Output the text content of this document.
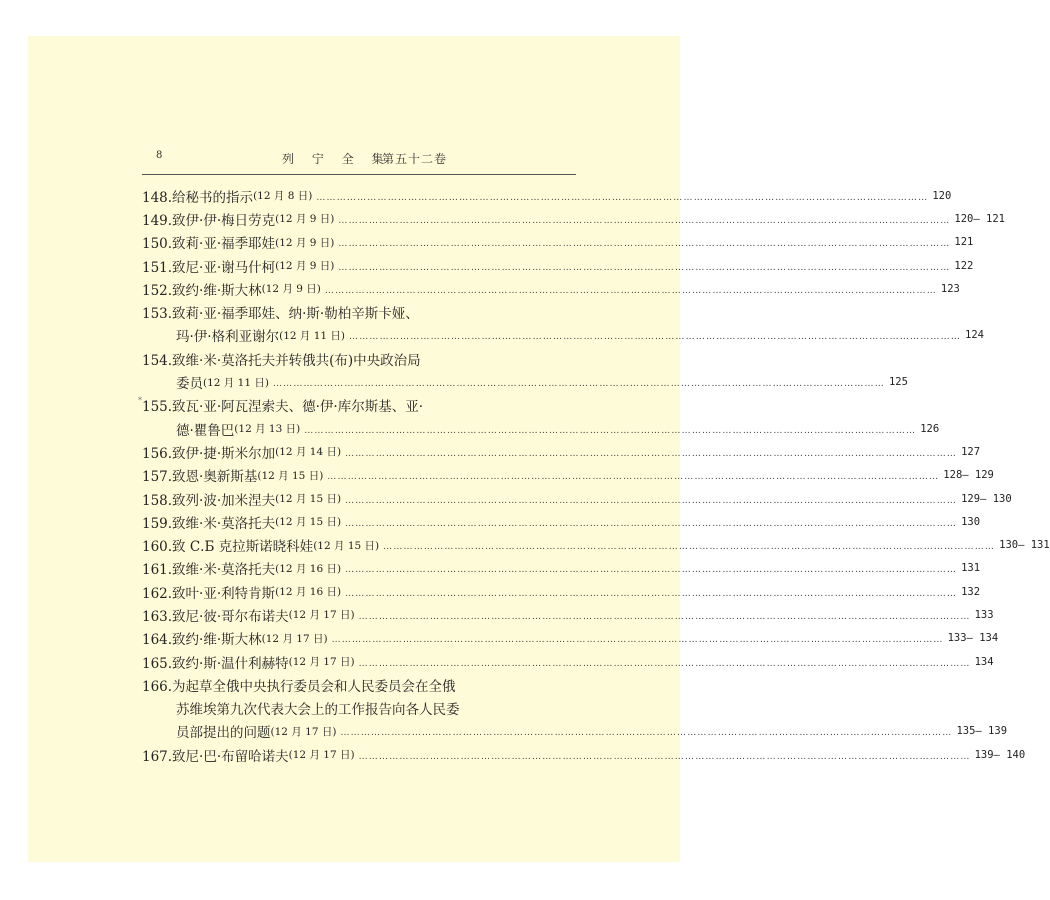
8	列 宁 全 集
第五十二卷
148.给秘书的指示 (12 月 8 日) ……………………………………………………………………………………………………………………………………………………………… 120
149.致伊·伊·梅日劳克 (12 月 9 日) ……………………………………………………………………………………………………………………………………………………………… 120— 121
150.致莉·亚·福季耶娃 (12 月 9 日) ……………………………………………………………………………………………………………………………………………………………… 121
151.致尼·亚·谢马什柯 (12 月 9 日) ……………………………………………………………………………………………………………………………………………………………… 122
152.致约·维·斯大林 (12 月 9 日) ……………………………………………………………………………………………………………………………………………………………… 123
153.致莉·亚·福季耶娃、纳·斯·勒柏辛斯卡娅、
玛·伊·格利亚谢尔 (12 月 11 日) ……………………………………………………………………………………………………………………………………………………………… 124
154.致维·米·莫洛托夫并转俄共(布)中央政治局
委员 (12 月 11 日) ……………………………………………………………………………………………………………………………………………………………… 125
* 155.致瓦·亚·阿瓦涅索夫、德·伊·库尔斯基、亚·
德·瞿鲁巴 (12 月 13 日) ……………………………………………………………………………………………………………………………………………………………… 126
156.致伊·捷·斯米尔加 (12 月 14 日) ……………………………………………………………………………………………………………………………………………………………… 127
157.致恩·奥新斯基 (12 月 15 日) ……………………………………………………………………………………………………………………………………………………………… 128— 129
158.致列·波·加米涅夫 (12 月 15 日) ……………………………………………………………………………………………………………………………………………………………… 129— 130
159.致维·米·莫洛托夫 (12 月 15 日) ……………………………………………………………………………………………………………………………………………………………… 130
160.致 С.Б 克拉斯诺晓科娃 (12 月 15 日) ……………………………………………………………………………………………………………………………………………………………… 130— 131
161.致维·米·莫洛托夫 (12 月 16 日) ……………………………………………………………………………………………………………………………………………………………… 131
162.致叶·亚·利特肯斯 (12 月 16 日) ……………………………………………………………………………………………………………………………………………………………… 132
163.致尼·彼·哥尔布诺夫 (12 月 17 日) ……………………………………………………………………………………………………………………………………………………………… 133
164.致约·维·斯大林 (12 月 17 日) ……………………………………………………………………………………………………………………………………………………………… 133— 134
165.致约·斯·温什利赫特 (12 月 17 日) ……………………………………………………………………………………………………………………………………………………………… 134
166.为起草全俄中央执行委员会和人民委员会在全俄
苏维埃第九次代表大会上的工作报告向各人民委
员部提出的问题 (12 月 17 日) ……………………………………………………………………………………………………………………………………………………………… 135— 139
167.致尼·巴·布留哈诺夫 (12 月 17 日) ……………………………………………………………………………………………………………………………………………………………… 139— 140
